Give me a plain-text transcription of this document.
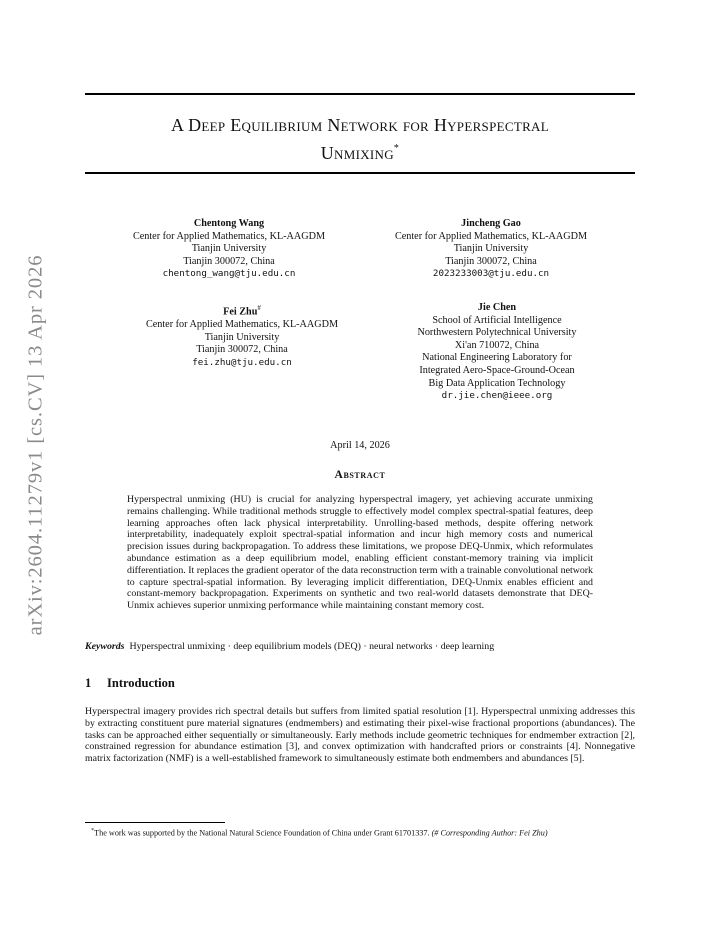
arXiv:2604.11279v1 [cs.CV] 13 Apr 2026
A Deep Equilibrium Network for Hyperspectral
Unmixing*
Chentong Wang
Center for Applied Mathematics, KL-AAGDM
Tianjin University
Tianjin 300072, China
chentong_wang@tju.edu.cn
Jincheng Gao
Center for Applied Mathematics, KL-AAGDM
Tianjin University
Tianjin 300072, China
2023233003@tju.edu.cn
Fei Zhu#
Center for Applied Mathematics, KL-AAGDM
Tianjin University
Tianjin 300072, China
fei.zhu@tju.edu.cn
Jie Chen
School of Artificial Intelligence
Northwestern Polytechnical University
Xi'an 710072, China
National Engineering Laboratory for
Integrated Aero-Space-Ground-Ocean
Big Data Application Technology
dr.jie.chen@ieee.org
April 14, 2026
Abstract
Hyperspectral unmixing (HU) is crucial for analyzing hyperspectral imagery, yet achieving accurate unmixing remains challenging. While traditional methods struggle to effectively model complex spectral-spatial features, deep learning approaches often lack physical interpretability. Unrolling-based methods, despite offering network interpretability, inadequately exploit spectral-spatial information and incur high memory costs and numerical precision issues during backpropagation. To address these limitations, we propose DEQ-Unmix, which reformulates abundance estimation as a deep equilibrium model, enabling efficient constant-memory training via implicit differentiation. It replaces the gradient operator of the data reconstruction term with a trainable convolutional network to capture spectral-spatial information. By leveraging implicit differentiation, DEQ-Unmix enables efficient and constant-memory backpropagation. Experiments on synthetic and two real-world datasets demonstrate that DEQ-Unmix achieves superior unmixing performance while maintaining constant memory cost.
Keywords Hyperspectral unmixing · deep equilibrium models (DEQ) · neural networks · deep learning
1 Introduction
Hyperspectral imagery provides rich spectral details but suffers from limited spatial resolution [1]. Hyperspectral unmixing addresses this by extracting constituent pure material signatures (endmembers) and estimating their pixel-wise fractional proportions (abundances). The tasks can be approached either sequentially or simultaneously. Early methods include geometric techniques for endmember extraction [2], constrained regression for abundance estimation [3], and convex optimization with handcrafted priors or constraints [4]. Nonnegative matrix factorization (NMF) is a well-established framework to simultaneously estimate both endmembers and abundances [5].
*The work was supported by the National Natural Science Foundation of China under Grant 61701337. (# Corresponding Author: Fei Zhu)
